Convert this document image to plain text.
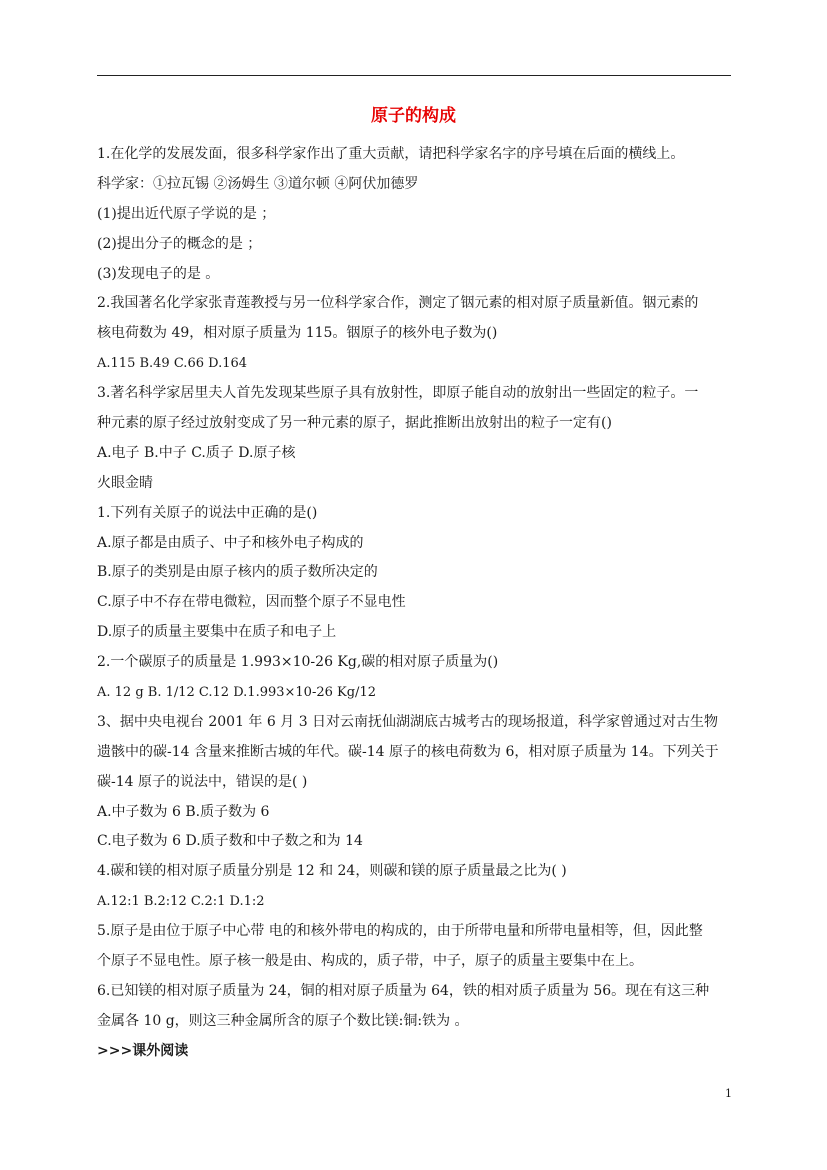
原子的构成
1.在化学的发展发面，很多科学家作出了重大贡献，请把科学家名字的序号填在后面的横线上。
科学家：①拉瓦锡 ②汤姆生 ③道尔顿 ④阿伏加德罗
(1)提出近代原子学说的是 ；
(2)提出分子的概念的是 ；
(3)发现电子的是 。
2.我国著名化学家张青莲教授与另一位科学家合作，测定了铟元素的相对原子质量新值。铟元素的
核电荷数为 49，相对原子质量为 115。铟原子的核外电子数为()
A.115 B.49 C.66 D.164
3.著名科学家居里夫人首先发现某些原子具有放射性，即原子能自动的放射出一些固定的粒子。一
种元素的原子经过放射变成了另一种元素的原子，据此推断出放射出的粒子一定有()
A.电子 B.中子 C.质子 D.原子核
火眼金睛
1.下列有关原子的说法中正确的是()
A.原子都是由质子、中子和核外电子构成的
B.原子的类别是由原子核内的质子数所决定的
C.原子中不存在带电微粒，因而整个原子不显电性
D.原子的质量主要集中在质子和电子上
2.一个碳原子的质量是 1.993×10-26 Kg,碳的相对原子质量为()
A. 12 g B. 1/12 C.12 D.1.993×10-26 Kg/12
3、据中央电视台 2001 年 6 月 3 日对云南抚仙湖湖底古城考古的现场报道，科学家曾通过对古生物
遗骸中的碳-14 含量来推断古城的年代。碳-14 原子的核电荷数为 6，相对原子质量为 14。下列关于
碳-14 原子的说法中，错误的是( )
A.中子数为 6 B.质子数为 6
C.电子数为 6 D.质子数和中子数之和为 14
4.碳和镁的相对原子质量分别是 12 和 24，则碳和镁的原子质量最之比为( )
A.12:1 B.2:12 C.2:1 D.1:2
5.原子是由位于原子中心带 电的和核外带电的构成的，由于所带电量和所带电量相等，但，因此整
个原子不显电性。原子核一般是由、构成的，质子带，中子，原子的质量主要集中在上。
6.已知镁的相对原子质量为 24，铜的相对原子质量为 64，铁的相对质子质量为 56。现在有这三种
金属各 10 g，则这三种金属所含的原子个数比镁:铜:铁为 。
>>>课外阅读
1
